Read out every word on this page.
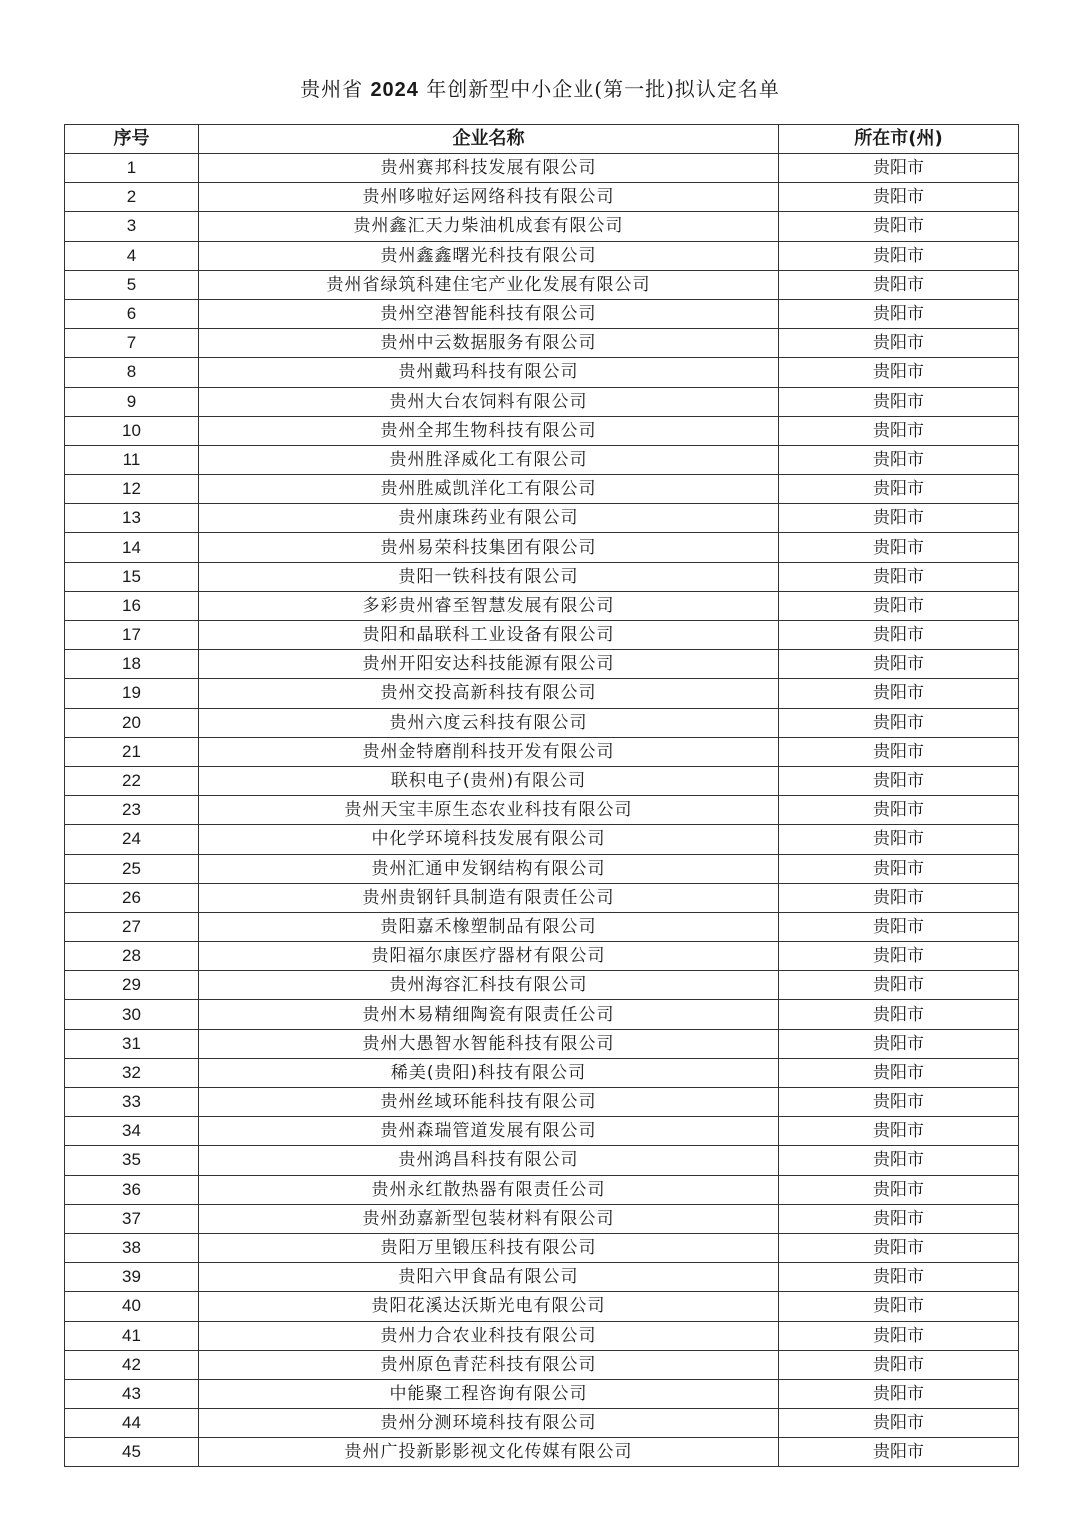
贵州省 2024 年创新型中小企业(第一批)拟认定名单
序号	企业名称	所在市(州)
1	贵州赛邦科技发展有限公司	贵阳市
2	贵州哆啦好运网络科技有限公司	贵阳市
3	贵州鑫汇天力柴油机成套有限公司	贵阳市
4	贵州鑫鑫曙光科技有限公司	贵阳市
5	贵州省绿筑科建住宅产业化发展有限公司	贵阳市
6	贵州空港智能科技有限公司	贵阳市
7	贵州中云数据服务有限公司	贵阳市
8	贵州戴玛科技有限公司	贵阳市
9	贵州大台农饲料有限公司	贵阳市
10	贵州全邦生物科技有限公司	贵阳市
11	贵州胜泽威化工有限公司	贵阳市
12	贵州胜威凯洋化工有限公司	贵阳市
13	贵州康珠药业有限公司	贵阳市
14	贵州易荣科技集团有限公司	贵阳市
15	贵阳一铁科技有限公司	贵阳市
16	多彩贵州睿至智慧发展有限公司	贵阳市
17	贵阳和晶联科工业设备有限公司	贵阳市
18	贵州开阳安达科技能源有限公司	贵阳市
19	贵州交投高新科技有限公司	贵阳市
20	贵州六度云科技有限公司	贵阳市
21	贵州金特磨削科技开发有限公司	贵阳市
22	联积电子(贵州)有限公司	贵阳市
23	贵州天宝丰原生态农业科技有限公司	贵阳市
24	中化学环境科技发展有限公司	贵阳市
25	贵州汇通申发钢结构有限公司	贵阳市
26	贵州贵钢钎具制造有限责任公司	贵阳市
27	贵阳嘉禾橡塑制品有限公司	贵阳市
28	贵阳福尔康医疗器材有限公司	贵阳市
29	贵州海容汇科技有限公司	贵阳市
30	贵州木易精细陶瓷有限责任公司	贵阳市
31	贵州大愚智水智能科技有限公司	贵阳市
32	稀美(贵阳)科技有限公司	贵阳市
33	贵州丝域环能科技有限公司	贵阳市
34	贵州森瑞管道发展有限公司	贵阳市
35	贵州鸿昌科技有限公司	贵阳市
36	贵州永红散热器有限责任公司	贵阳市
37	贵州劲嘉新型包装材料有限公司	贵阳市
38	贵阳万里锻压科技有限公司	贵阳市
39	贵阳六甲食品有限公司	贵阳市
40	贵阳花溪达沃斯光电有限公司	贵阳市
41	贵州力合农业科技有限公司	贵阳市
42	贵州原色青茫科技有限公司	贵阳市
43	中能聚工程咨询有限公司	贵阳市
44	贵州分测环境科技有限公司	贵阳市
45	贵州广投新影影视文化传媒有限公司	贵阳市
